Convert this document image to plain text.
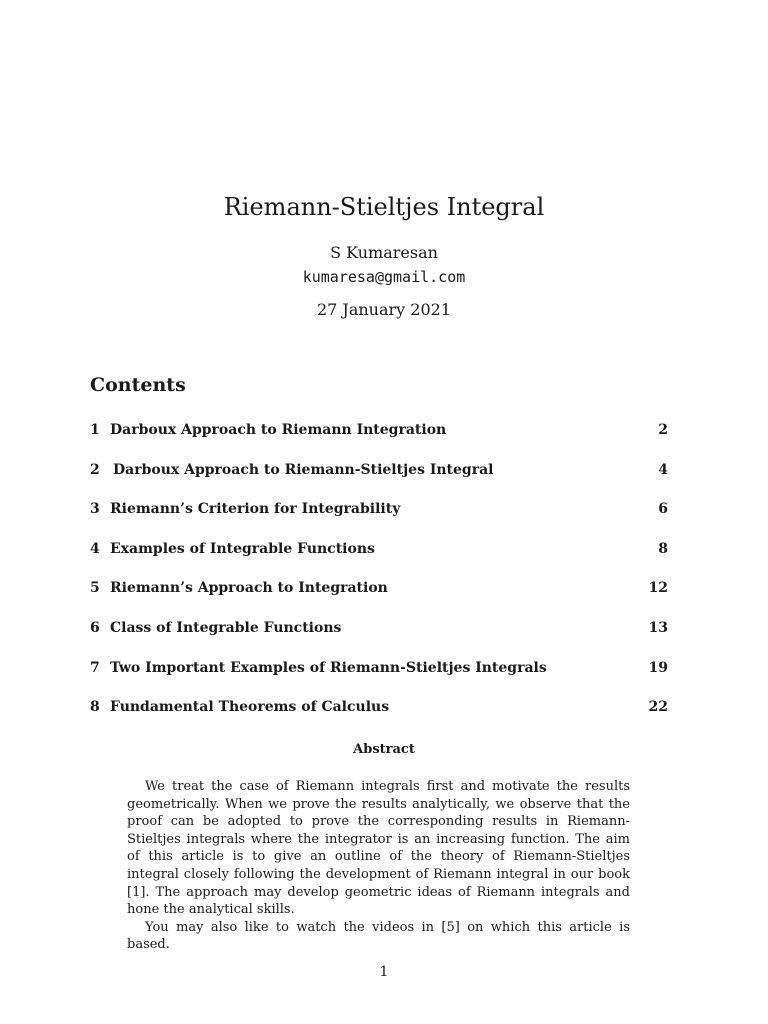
Riemann-Stieltjes Integral
S Kumaresan
kumaresa@gmail.com
27 January 2021
Contents
1 Darboux Approach to Riemann Integration	2
2 Darboux Approach to Riemann-Stieltjes Integral	4
3 Riemann’s Criterion for Integrability	6
4 Examples of Integrable Functions	8
5 Riemann’s Approach to Integration	12
6 Class of Integrable Functions	13
7 Two Important Examples of Riemann-Stieltjes Integrals	19
8 Fundamental Theorems of Calculus	22
Abstract

We treat the case of Riemann integrals first and motivate the results geometrically. When we prove the results analytically, we observe that the proof can be adopted to prove the corresponding results in Riemann-Stieltjes integrals where the integrator is an increasing function. The aim of this article is to give an outline of the theory of Riemann-Stieltjes integral closely following the development of Riemann integral in our book [1]. The approach may develop geometric ideas of Riemann integrals and hone the analytical skills.

You may also like to watch the videos in [5] on which this article is based.

1
